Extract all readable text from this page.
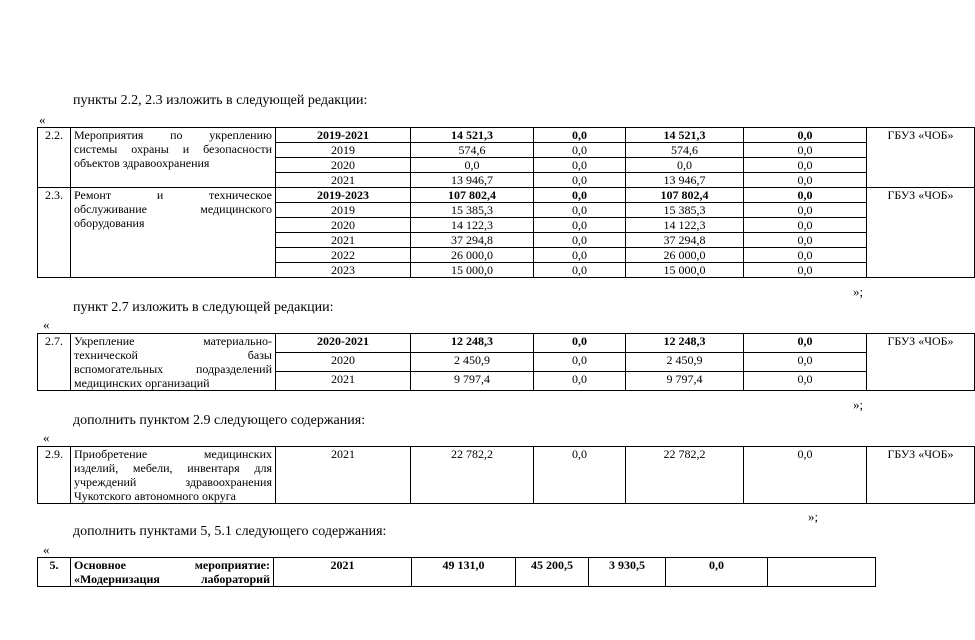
пункты 2.2, 2.3 изложить в следующей редакции:
«
2.2.	Мероприятия по укреплению
системы охраны и безопасности
объектов здравоохранения	2019-2021	14 521,3	0,0	14 521,3	0,0	ГБУЗ «ЧОБ»
		2019	574,6	0,0	574,6	0,0	
		2020	0,0	0,0	0,0	0,0	
		2021	13 946,7	0,0	13 946,7	0,0	
2.3.	Ремонт и техническое
обслуживание медицинского
оборудования	2019-2023	107 802,4	0,0	107 802,4	0,0	ГБУЗ «ЧОБ»
		2019	15 385,3	0,0	15 385,3	0,0	
		2020	14 122,3	0,0	14 122,3	0,0	
		2021	37 294,8	0,0	37 294,8	0,0	
		2022	26 000,0	0,0	26 000,0	0,0	
		2023	15 000,0	0,0	15 000,0	0,0	
»;
пункт 2.7 изложить в следующей редакции:
«
2.7.	Укрепление материально-
технической базы
вспомогательных подразделений
медицинских организаций	2020-2021	12 248,3	0,0	12 248,3	0,0	ГБУЗ «ЧОБ»
		2020	2 450,9	0,0	2 450,9	0,0	
		2021	9 797,4	0,0	9 797,4	0,0	
»;
дополнить пунктом 2.9 следующего содержания:
«
2.9.	Приобретение медицинских
изделий, мебели, инвентаря для
учреждений здравоохранения
Чукотского автономного округа
	2021	22 782,2	0,0	22 782,2	0,0	ГБУЗ «ЧОБ»
»;
дополнить пунктами 5, 5.1 следующего содержания:
«
5.	Основное мероприятие:
«Модернизация лабораторий
	2021	49 131,0	45 200,5	3 930,5	0,0	
